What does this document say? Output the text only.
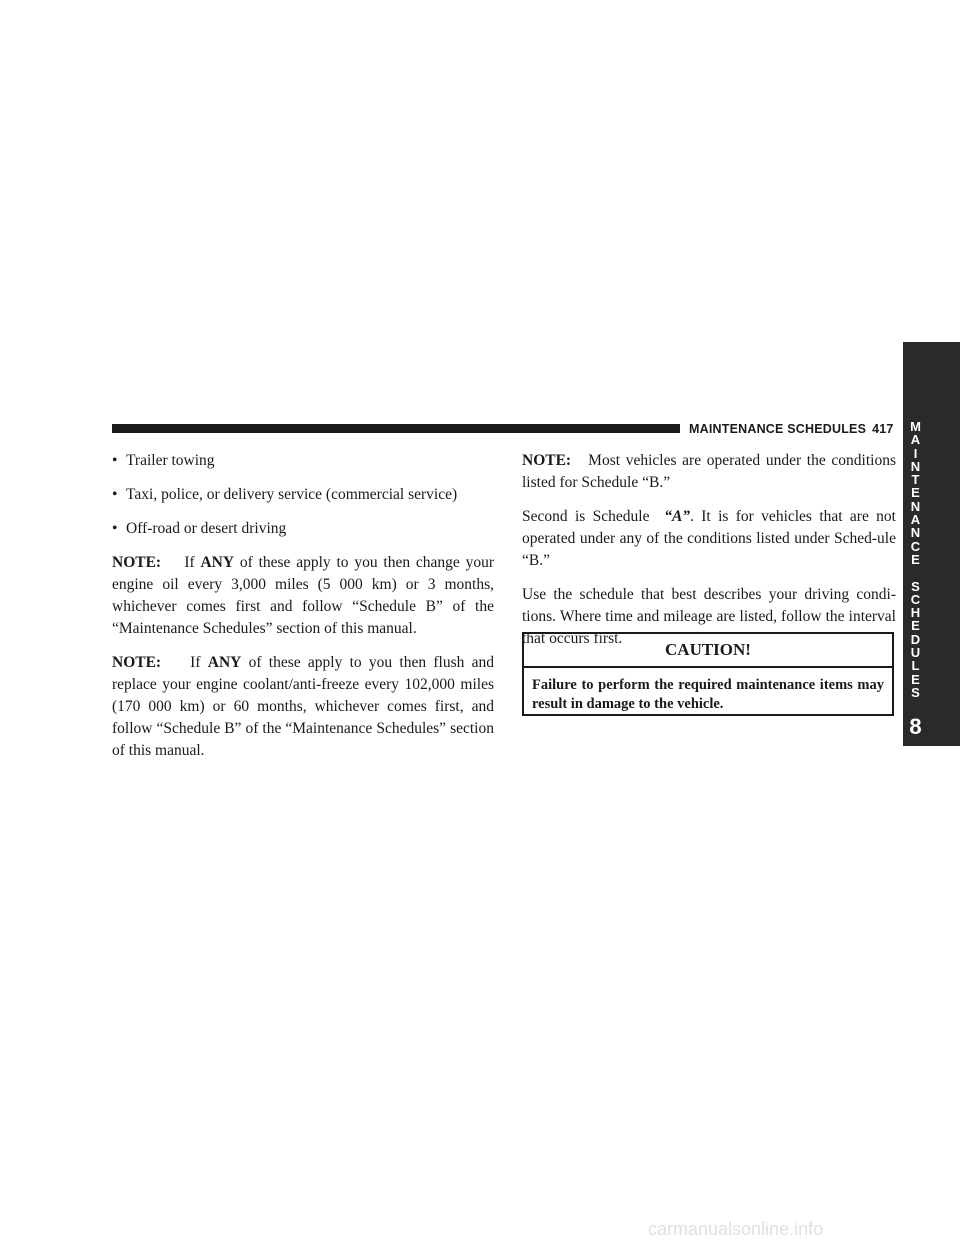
MAINTENANCE SCHEDULES 417	M
A
I
N
T
E
N
A
N
C
E

S
C
H
E
D
U
L
E
S
8
• Trailer towing
• Taxi, police, or delivery service (commercial service)
• Off-road or desert driving

NOTE: If ANY of these apply to you then change your engine oil every 3,000 miles (5 000 km) or 3 months, whichever comes first and follow “Schedule B” of the “Maintenance Schedules” section of this manual.

NOTE: If ANY of these apply to you then flush and replace your engine coolant/anti-freeze every 102,000 miles (170 000 km) or 60 months, whichever comes first, and follow “Schedule B” of the “Maintenance Schedules” section of this manual.

NOTE: Most vehicles are operated under the conditions listed for Schedule “B.”

Second is Schedule “A”. It is for vehicles that are not operated under any of the conditions listed under Sched-ule “B.”

Use the schedule that best describes your driving condi-tions. Where time and mileage are listed, follow the interval that occurs first.

CAUTION!
Failure to perform the required maintenance items may result in damage to the vehicle.
carmanualsonline.info
